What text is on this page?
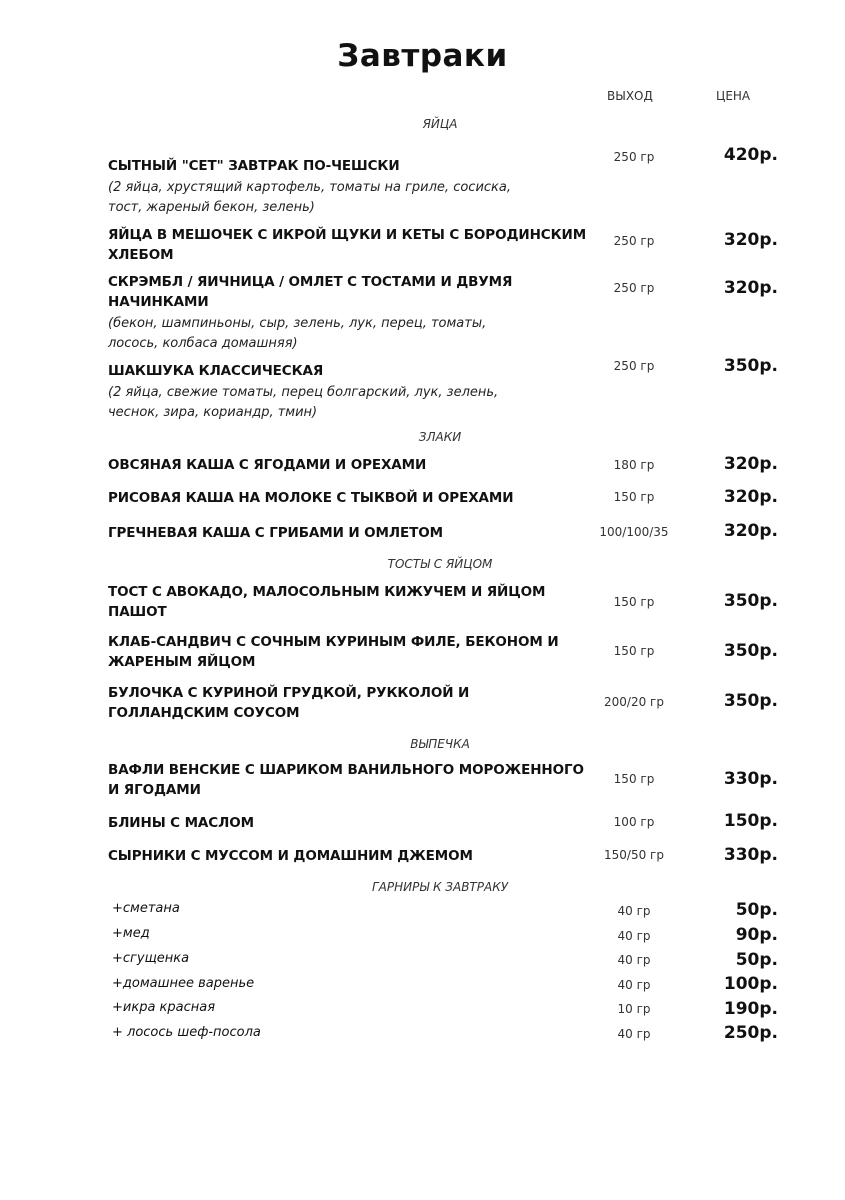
Завтраки
ВЫХОД	ЦЕНА
ЯЙЦА
СЫТНЫЙ "СЕТ" ЗАВТРАК ПО-ЧЕШСКИ
(2 яйца, хрустящий картофель, томаты на гриле, сосиска,
тост, жареный бекон, зелень)
250 гр	420р.
ЯЙЦА В МЕШОЧЕК С ИКРОЙ ЩУКИ И КЕТЫ С БОРОДИНСКИМ
ХЛЕБОМ
250 гр	320р.
СКРЭМБЛ / ЯИЧНИЦА / ОМЛЕТ С ТОСТАМИ И ДВУМЯ
НАЧИНКАМИ
(бекон, шампиньоны, сыр, зелень, лук, перец, томаты,
лосось, колбаса домашняя)
250 гр	320р.
ШАКШУКА КЛАССИЧЕСКАЯ
(2 яйца, свежие томаты, перец болгарский, лук, зелень,
чеснок, зира, кориандр, тмин)
250 гр	350р.
ЗЛАКИ
ОВСЯНАЯ КАША С ЯГОДАМИ И ОРЕХАМИ	180 гр	320р.
РИСОВАЯ КАША НА МОЛОКЕ С ТЫКВОЙ И ОРЕХАМИ	150 гр	320р.
ГРЕЧНЕВАЯ КАША С ГРИБАМИ И ОМЛЕТОМ	100/100/35	320р.
ТОСТЫ С ЯЙЦОМ
ТОСТ С АВОКАДО, МАЛОСОЛЬНЫМ КИЖУЧЕМ И ЯЙЦОМ
ПАШОТ
150 гр	350р.
КЛАБ-САНДВИЧ С СОЧНЫМ КУРИНЫМ ФИЛЕ, БЕКОНОМ И
ЖАРЕНЫМ ЯЙЦОМ
150 гр	350р.
БУЛОЧКА С КУРИНОЙ ГРУДКОЙ, РУККОЛОЙ И
ГОЛЛАНДСКИМ СОУСОМ
200/20 гр	350р.
ВЫПЕЧКА
ВАФЛИ ВЕНСКИЕ С ШАРИКОМ ВАНИЛЬНОГО МОРОЖЕННОГО
И ЯГОДАМИ
150 гр	330р.
БЛИНЫ С МАСЛОМ	100 гр	150р.
СЫРНИКИ С МУССОМ И ДОМАШНИМ ДЖЕМОМ	150/50 гр	330р.
ГАРНИРЫ К ЗАВТРАКУ
+сметана	40 гр	50р.
+мед	40 гр	90р.
+сгущенка	40 гр	50р.
+домашнее варенье	40 гр	100р.
+икра красная	10 гр	190р.
+ лосось шеф-посола	40 гр	250р.
